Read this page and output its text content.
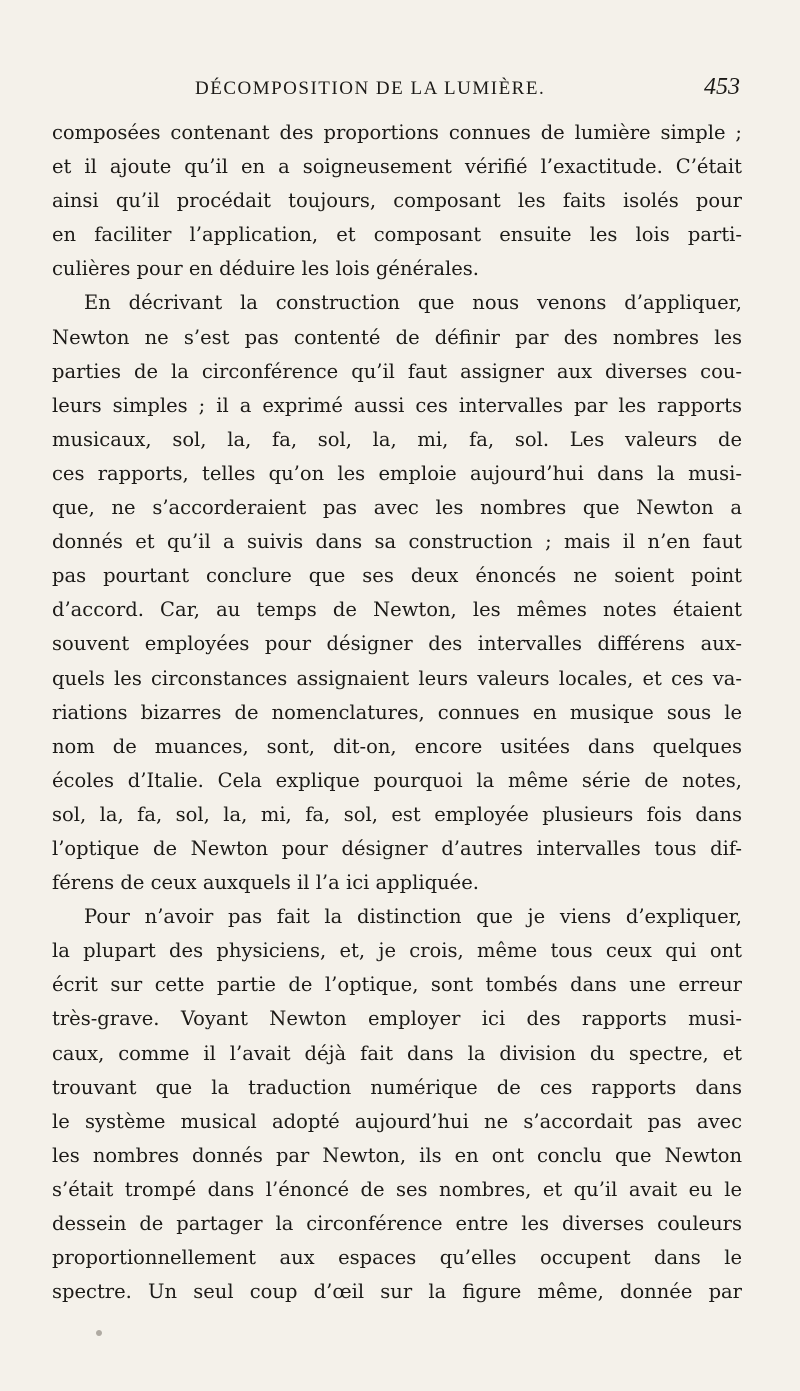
DÉCOMPOSITION DE LA LUMIÈRE.	453
composées contenant des proportions connues de lumière simple ;
et il ajoute qu’il en a soigneusement vérifié l’exactitude. C’était
ainsi qu’il procédait toujours, composant les faits isolés pour
en faciliter l’application, et composant ensuite les lois parti-
culières pour en déduire les lois générales.
En décrivant la construction que nous venons d’appliquer,
Newton ne s’est pas contenté de définir par des nombres les
parties de la circonférence qu’il faut assigner aux diverses cou-
leurs simples ; il a exprimé aussi ces intervalles par les rapports
musicaux, sol, la, fa, sol, la, mi, fa, sol. Les valeurs de
ces rapports, telles qu’on les emploie aujourd’hui dans la musi-
que, ne s’accorderaient pas avec les nombres que Newton a
donnés et qu’il a suivis dans sa construction ; mais il n’en faut
pas pourtant conclure que ses deux énoncés ne soient point
d’accord. Car, au temps de Newton, les mêmes notes étaient
souvent employées pour désigner des intervalles différens aux-
quels les circonstances assignaient leurs valeurs locales, et ces va-
riations bizarres de nomenclatures, connues en musique sous le
nom de muances, sont, dit-on, encore usitées dans quelques
écoles d’Italie. Cela explique pourquoi la même série de notes,
sol, la, fa, sol, la, mi, fa, sol, est employée plusieurs fois dans
l’optique de Newton pour désigner d’autres intervalles tous dif-
férens de ceux auxquels il l’a ici appliquée.
Pour n’avoir pas fait la distinction que je viens d’expliquer,
la plupart des physiciens, et, je crois, même tous ceux qui ont
écrit sur cette partie de l’optique, sont tombés dans une erreur
très-grave. Voyant Newton employer ici des rapports musi-
caux, comme il l’avait déjà fait dans la division du spectre, et
trouvant que la traduction numérique de ces rapports dans
le système musical adopté aujourd’hui ne s’accordait pas avec
les nombres donnés par Newton, ils en ont conclu que Newton
s’était trompé dans l’énoncé de ses nombres, et qu’il avait eu le
dessein de partager la circonférence entre les diverses couleurs
proportionnellement aux espaces qu’elles occupent dans le
spectre. Un seul coup d’œil sur la figure même, donnée par
